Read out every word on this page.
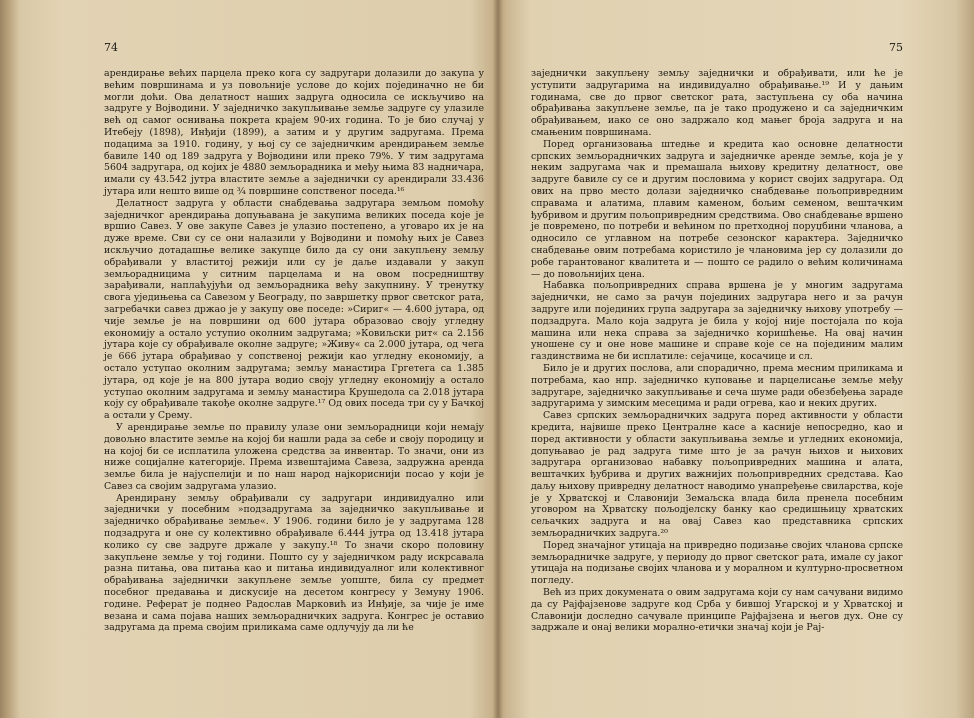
74

арендирање већих парцела преко кога су задругари долазили до закупа у већим површинама и уз повољније услове до којих појединачно не би могли доћи. Ова делатност наших задруга односила се искључиво на задруге у Војводини. У заједничко закупљивање земље задруге су улазиле већ од самог оснивања покрета крајем 90-их година. То је био случај у Итебеју (1898), Инђији (1899), а затим и у другим задругама. Према подацима за 1910. годину, у њој су се заједничким арендирањем земље бавиле 140 од 189 задруга у Војводини или преко 79%. У тим задругама 5604 задругара, од којих је 4880 земљорадника и међу њима 83 надничара, имали су 43.542 јутра властите земље а заједнички су арендирали 33.436 јутара или нешто више од ¾ површине сопственог поседа.¹⁶

Делатност задруга у области снабдевања задругара земљом помоћу заједничког арендирања допуњавана је закупима великих поседа које је вршио Савез. У ове закупе Савез је улазио постепено, а уговаро их је на дуже време. Сви су се они налазили у Војводини и помоћу њих је Савез искључио дотадашње велике закупце било да су они закупљену земљу обрађивали у властитој режији или су је даље издавали у закуп земљорадницима у ситним парцелама и на овом посредништву зарађивали, наплаћујући од земљорадника већу закупнину. У тренутку свога уједињења са Савезом у Београду, по завршетку првог светског рата, загребачки савез држао је у закупу ове поседе: »Сириг« — 4.600 јутара, од чије земље је на површини од 600 јутара образовао своју угледну економију а остало уступио околним задругама; »Ковиљски рит« са 2.156 јутара које су обрађивале околне задруге; »Живу« са 2.000 јутара, од чега је 666 јутара обрађивао у сопственој режији као угледну економију, а остало уступао околним задругама; земљу манастира Гргетега са 1.385 јутара, од које је на 800 јутара водио своју угледну економију а остало уступао околним задругама и земљу манастира Крушедола са 2.018 јутара коју су обрађивале такође околне задруге.¹⁷ Од ових поседа три су у Бачкој а остали у Срему.

У арендирање земље по правилу улазе они земљорадници који немају довољно властите земље на којој би нашли рада за себе и своју породицу и на којој би се исплатила уложена средства за инвентар. То значи, они из ниже социјалне категорије. Према извештајима Савеза, задружна аренда земље била је најуспелији и по наш народ најкориснији посао у који је Савез са својим задругама улазио.

Арендирану земљу обрађивали су задругари индивидуално или заједнички у посебним »подзадругама за заједничко закупљивање и заједничко обрађивање земље«. У 1906. години било је у задругама 128 подзадруга и оне су колективно обрађивале 6.444 јутра од 13.418 јутара колико су све задруге држале у закупу.¹⁸ То значи скоро половину закупљене земље у тој години. Пошто су у заједничком раду искрсавала разна питања, ова питања као и питања индивидуалног или колективног обрађивања заједнички закупљене земље уопште, била су предмет посебног предавања и дискусије на десетом конгресу у Земуну 1906. године. Реферат је поднео Радослав Марковић из Инђије, за чије је име везана и сама појава наших земљорадничких задруга. Конгрес је оставио задругама да према својим приликама саме одлучују да ли ће

75

заједнички закупљену земљу заједнички и обрађивати, или ће је уступити задругарима на индивидуално обрађивање.¹⁹ И у дањим годинама, све до првог светског рата, заступљена су оба начина обрађивања закупљене земље, па је тако продужено и са заједничким обрађивањем, иако се оно задржало код мањег броја задруга и на смањеним површинама.

Поред организовања штедње и кредита као основне делатности српских земљорадничких задруга и заједничке аренде земље, која је у неким задругама чак и премашала њихову кредитну делатност, ове задруге бавиле су се и другим пословима у корист својих задругара. Од ових на прво место долази заједничко снабдевање пољопривредним справама и алатима, плавим каменом, бољим семеном, вештачким ђубривом и другим пољопривредним средствима. Ово снабдевање вршено је повремено, по потреби и већином по претходној поруџбини чланова, а односило се углавном на потребе сезонског карактера. Заједничко снабдевање овим потребама користило је члановима јер су долазили до робе гарантованог квалитета и — пошто се радило о већим количинама — до повољнијих цена.

Набавка пољопривредних справа вршена је у многим задругама заједнички, не само за рачун појединих задругара него и за рачун задруге или појединих група задругара за заједничку њихову употребу — подзадруга. Мало која задруга је била у којој није постојала по која машина или нека справа за заједничко коришћење. На овај начин уношене су и оне нове машине и справе које се на појединим малим газдинствима не би исплатиле: сејачице, косачице и сл.

Било је и других послова, али спорадично, према месним приликама и потребама, као нпр. заједничко куповање и парцелисање земље међу задругаре, заједничко закупљивање и сеча шуме ради обезбеђења зараде задругарима у зимским месецима и ради огрева, као и неких других.

Савез српских земљорадничких задруга поред активности у области кредита, највише преко Централне касе а касније непосредно, као и поред активности у области закупљивања земље и угледних економија, допуњавао је рад задруга тиме што је за рачун њихов и њихових задругара организовао набавку пољопривредних машина и алата, вештачких ђубрива и других важнијих пољопривредних средстава. Као даљу њихову привредну делатност наводимо унапређење свиларства, које је у Хрватској и Славонији Земаљска влада била пренела посебним уговором на Хрватску пољодјелску банку као средишњицу хрватских сељачких задруга и на овај Савез као представника српских земљорадничких задруга.²⁰

Поред значајног утицаја на привредно подизање својих чланова српске земљорадничке задруге, у периоду до првог светског рата, имале су јаког утицаја на подизање својих чланова и у моралном и културно-просветном погледу.

Већ из прих докумената о овим задругама који су нам сачувани видимо да су Рајфајзенове задруге код Срба у бившој Угарској и у Хрватској и Славонији доследно сачувале принципе Рајфајзена и његов дух. Оне су задржале и онај велики морално-етички значај који је Рај-
